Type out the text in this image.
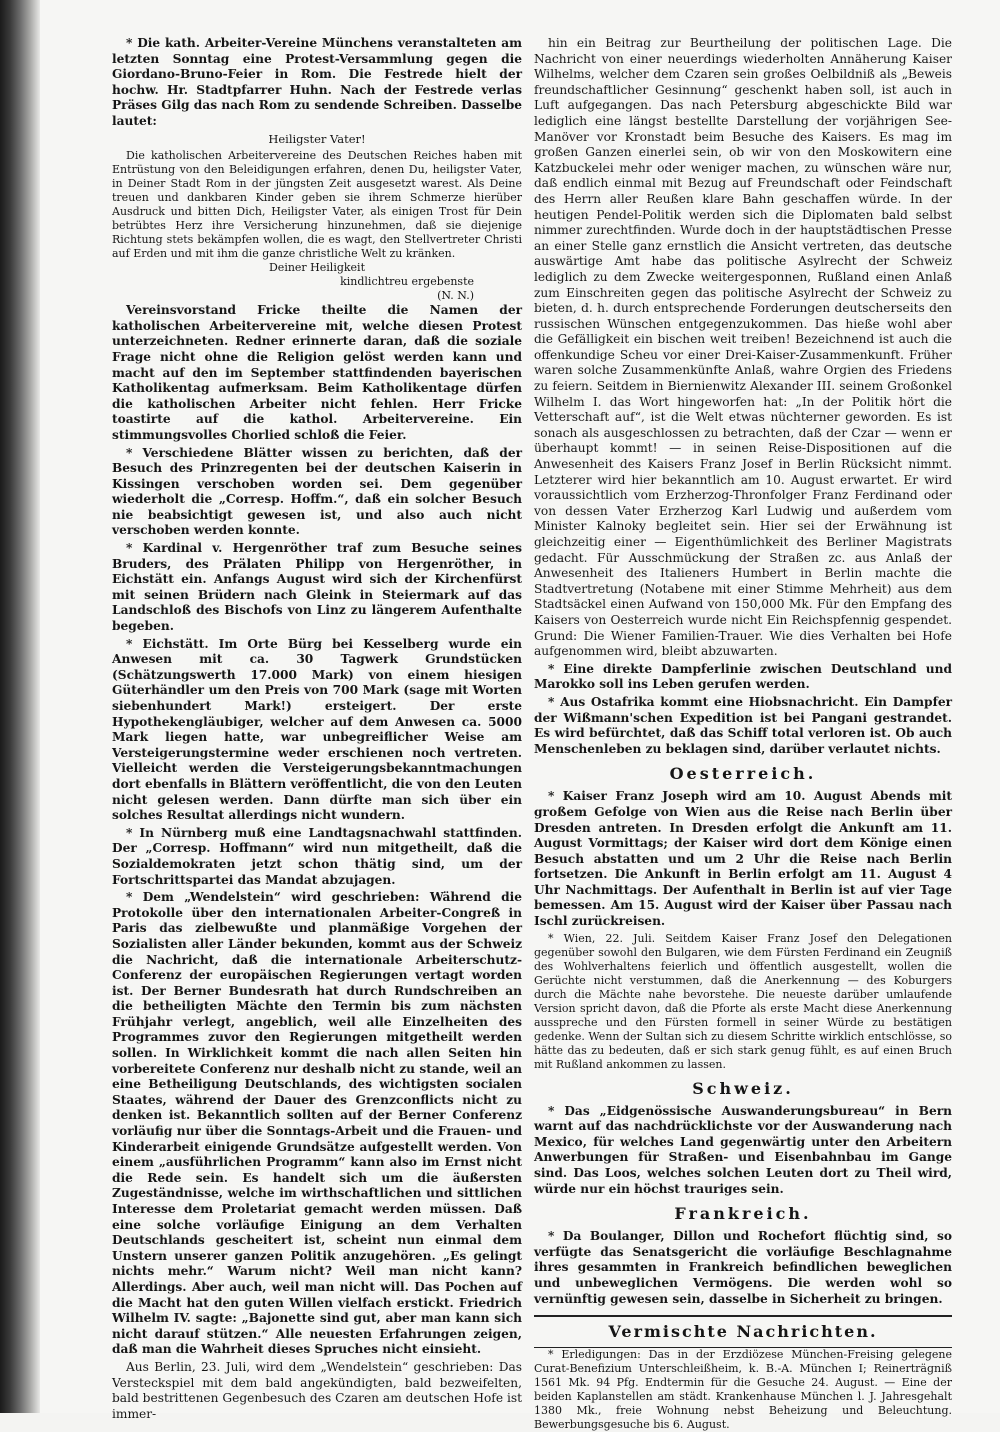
* Die kath. Arbeiter-Vereine Münchens veranstalteten am letzten Sonntag eine Protest-Versammlung gegen die Giordano-Bruno-Feier in Rom. Die Festrede hielt der hochw. Hr. Stadtpfarrer Huhn. Nach der Festrede verlas Präses Gilg das nach Rom zu sendende Schreiben. Dasselbe lautet:

Heiligster Vater!

Die katholischen Arbeitervereine des Deutschen Reiches haben mit Entrüstung von den Beleidigungen erfahren, denen Du, heiligster Vater, in Deiner Stadt Rom in der jüngsten Zeit ausgesetzt warest. Als Deine treuen und dankbaren Kinder geben sie ihrem Schmerze hierüber Ausdruck und bitten Dich, Heiligster Vater, als einigen Trost für Dein betrübtes Herz ihre Versicherung hinzunehmen, daß sie diejenige Richtung stets bekämpfen wollen, die es wagt, den Stellvertreter Christi auf Erden und mit ihm die ganze christliche Welt zu kränken.

Deiner Heiligkeit
kindlichtreu ergebenste
(N. N.)

Vereinsvorstand Fricke theilte die Namen der katholischen Arbeitervereine mit, welche diesen Protest unterzeichneten. Redner erinnerte daran, daß die soziale Frage nicht ohne die Religion gelöst werden kann und macht auf den im September stattfindenden bayerischen Katholikentag aufmerksam. Beim Katholikentage dürfen die katholischen Arbeiter nicht fehlen. Herr Fricke toastirte auf die kathol. Arbeitervereine. Ein stimmungsvolles Chorlied schloß die Feier.

* Verschiedene Blätter wissen zu berichten, daß der Besuch des Prinzregenten bei der deutschen Kaiserin in Kissingen verschoben worden sei. Dem gegenüber wiederholt die „Corresp. Hoffm.“, daß ein solcher Besuch nie beabsichtigt gewesen ist, und also auch nicht verschoben werden konnte.

* Kardinal v. Hergenröther traf zum Besuche seines Bruders, des Prälaten Philipp von Hergenröther, in Eichstätt ein. Anfangs August wird sich der Kirchenfürst mit seinen Brüdern nach Gleink in Steiermark auf das Landschloß des Bischofs von Linz zu längerem Aufenthalte begeben.

* Eichstätt. Im Orte Bürg bei Kesselberg wurde ein Anwesen mit ca. 30 Tagwerk Grundstücken (Schätzungswerth 17.000 Mark) von einem hiesigen Güterhändler um den Preis von 700 Mark (sage mit Worten siebenhundert Mark!) ersteigert. Der erste Hypothekengläubiger, welcher auf dem Anwesen ca. 5000 Mark liegen hatte, war unbegreiflicher Weise am Versteigerungstermine weder erschienen noch vertreten. Vielleicht werden die Versteigerungsbekanntmachungen dort ebenfalls in Blättern veröffentlicht, die von den Leuten nicht gelesen werden. Dann dürfte man sich über ein solches Resultat allerdings nicht wundern.

* In Nürnberg muß eine Landtagsnachwahl stattfinden. Der „Corresp. Hoffmann“ wird nun mitgetheilt, daß die Sozialdemokraten jetzt schon thätig sind, um der Fortschrittspartei das Mandat abzujagen.

* Dem „Wendelstein“ wird geschrieben: Während die Protokolle über den internationalen Arbeiter-Congreß in Paris das zielbewußte und planmäßige Vorgehen der Sozialisten aller Länder bekunden, kommt aus der Schweiz die Nachricht, daß die internationale Arbeiterschutz-Conferenz der europäischen Regierungen vertagt worden ist. Der Berner Bundesrath hat durch Rundschreiben an die betheiligten Mächte den Termin bis zum nächsten Frühjahr verlegt, angeblich, weil alle Einzelheiten des Programmes zuvor den Regierungen mitgetheilt werden sollen. In Wirklichkeit kommt die nach allen Seiten hin vorbereitete Conferenz nur deshalb nicht zu stande, weil an eine Betheiligung Deutschlands, des wichtigsten socialen Staates, während der Dauer des Grenzconflicts nicht zu denken ist. Bekanntlich sollten auf der Berner Conferenz vorläufig nur über die Sonntags-Arbeit und die Frauen- und Kinderarbeit einigende Grundsätze aufgestellt werden. Von einem „ausführlichen Programm“ kann also im Ernst nicht die Rede sein. Es handelt sich um die äußersten Zugeständnisse, welche im wirthschaftlichen und sittlichen Interesse dem Proletariat gemacht werden müssen. Daß eine solche vorläufige Einigung an dem Verhalten Deutschlands gescheitert ist, scheint nun einmal dem Unstern unserer ganzen Politik anzugehören. „Es gelingt nichts mehr.“ Warum nicht? Weil man nicht kann? Allerdings. Aber auch, weil man nicht will. Das Pochen auf die Macht hat den guten Willen vielfach erstickt. Friedrich Wilhelm IV. sagte: „Bajonette sind gut, aber man kann sich nicht darauf stützen.“ Alle neuesten Erfahrungen zeigen, daß man die Wahrheit dieses Spruches nicht einsieht.

Aus Berlin, 23. Juli, wird dem „Wendelstein“ geschrieben: Das Versteckspiel mit dem bald angekündigten, bald bezweifelten, bald bestrittenen Gegenbesuch des Czaren am deutschen Hofe ist immer-

hin ein Beitrag zur Beurtheilung der politischen Lage. Die Nachricht von einer neuerdings wiederholten Annäherung Kaiser Wilhelms, welcher dem Czaren sein großes Oelbildniß als „Beweis freundschaftlicher Gesinnung“ geschenkt haben soll, ist auch in Luft aufgegangen. Das nach Petersburg abgeschickte Bild war lediglich eine längst bestellte Darstellung der vorjährigen See-Manöver vor Kronstadt beim Besuche des Kaisers. Es mag im großen Ganzen einerlei sein, ob wir von den Moskowitern eine Katzbuckelei mehr oder weniger machen, zu wünschen wäre nur, daß endlich einmal mit Bezug auf Freundschaft oder Feindschaft des Herrn aller Reußen klare Bahn geschaffen würde. In der heutigen Pendel-Politik werden sich die Diplomaten bald selbst nimmer zurechtfinden. Wurde doch in der hauptstädtischen Presse an einer Stelle ganz ernstlich die Ansicht vertreten, das deutsche auswärtige Amt habe das politische Asylrecht der Schweiz lediglich zu dem Zwecke weitergesponnen, Rußland einen Anlaß zum Einschreiten gegen das politische Asylrecht der Schweiz zu bieten, d. h. durch entsprechende Forderungen deutscherseits den russischen Wünschen entgegenzukommen. Das hieße wohl aber die Gefälligkeit ein bischen weit treiben! Bezeichnend ist auch die offenkundige Scheu vor einer Drei-Kaiser-Zusammenkunft. Früher waren solche Zusammenkünfte Anlaß, wahre Orgien des Friedens zu feiern. Seitdem in Biernienwitz Alexander III. seinem Großonkel Wilhelm I. das Wort hingeworfen hat: „In der Politik hört die Vetterschaft auf“, ist die Welt etwas nüchterner geworden. Es ist sonach als ausgeschlossen zu betrachten, daß der Czar — wenn er überhaupt kommt! — in seinen Reise-Dispositionen auf die Anwesenheit des Kaisers Franz Josef in Berlin Rücksicht nimmt. Letzterer wird hier bekanntlich am 10. August erwartet. Er wird voraussichtlich vom Erzherzog-Thronfolger Franz Ferdinand oder von dessen Vater Erzherzog Karl Ludwig und außerdem vom Minister Kalnoky begleitet sein. Hier sei der Erwähnung ist gleichzeitig einer — Eigenthümlichkeit des Berliner Magistrats gedacht. Für Ausschmückung der Straßen zc. aus Anlaß der Anwesenheit des Italieners Humbert in Berlin machte die Stadtvertretung (Notabene mit einer Stimme Mehrheit) aus dem Stadtsäckel einen Aufwand von 150,000 Mk. Für den Empfang des Kaisers von Oesterreich wurde nicht Ein Reichspfennig gespendet. Grund: Die Wiener Familien-Trauer. Wie dies Verhalten bei Hofe aufgenommen wird, bleibt abzuwarten.

* Eine direkte Dampferlinie zwischen Deutschland und Marokko soll ins Leben gerufen werden.

* Aus Ostafrika kommt eine Hiobsnachricht. Ein Dampfer der Wißmann'schen Expedition ist bei Pangani gestrandet. Es wird befürchtet, daß das Schiff total verloren ist. Ob auch Menschenleben zu beklagen sind, darüber verlautet nichts.

Oesterreich.

* Kaiser Franz Joseph wird am 10. August Abends mit großem Gefolge von Wien aus die Reise nach Berlin über Dresden antreten. In Dresden erfolgt die Ankunft am 11. August Vormittags; der Kaiser wird dort dem Könige einen Besuch abstatten und um 2 Uhr die Reise nach Berlin fortsetzen. Die Ankunft in Berlin erfolgt am 11. August 4 Uhr Nachmittags. Der Aufenthalt in Berlin ist auf vier Tage bemessen. Am 15. August wird der Kaiser über Passau nach Ischl zurückreisen.

* Wien, 22. Juli. Seitdem Kaiser Franz Josef den Delegationen gegenüber sowohl den Bulgaren, wie dem Fürsten Ferdinand ein Zeugniß des Wohlverhaltens feierlich und öffentlich ausgestellt, wollen die Gerüchte nicht verstummen, daß die Anerkennung — des Koburgers durch die Mächte nahe bevorstehe. Die neueste darüber umlaufende Version spricht davon, daß die Pforte als erste Macht diese Anerkennung ausspreche und den Fürsten formell in seiner Würde zu bestätigen gedenke. Wenn der Sultan sich zu diesem Schritte wirklich entschlösse, so hätte das zu bedeuten, daß er sich stark genug fühlt, es auf einen Bruch mit Rußland ankommen zu lassen.

Schweiz.

* Das „Eidgenössische Auswanderungsbureau“ in Bern warnt auf das nachdrücklichste vor der Auswanderung nach Mexico, für welches Land gegenwärtig unter den Arbeitern Anwerbungen für Straßen- und Eisenbahnbau im Gange sind. Das Loos, welches solchen Leuten dort zu Theil wird, würde nur ein höchst trauriges sein.

Frankreich.

* Da Boulanger, Dillon und Rochefort flüchtig sind, so verfügte das Senatsgericht die vorläufige Beschlagnahme ihres gesammten in Frankreich befindlichen beweglichen und unbeweglichen Vermögens. Die werden wohl so vernünftig gewesen sein, dasselbe in Sicherheit zu bringen.

Vermischte Nachrichten.

* Erledigungen: Das in der Erzdiözese München-Freising gelegene Curat-Benefizium Unterschleißheim, k. B.-A. München I; Reinerträgniß 1561 Mk. 94 Pfg. Endtermin für die Gesuche 24. August. — Eine der beiden Kaplanstellen am städt. Krankenhause München l. J. Jahresgehalt 1380 Mk., freie Wohnung nebst Beheizung und Beleuchtung. Bewerbungsgesuche bis 6. August.
